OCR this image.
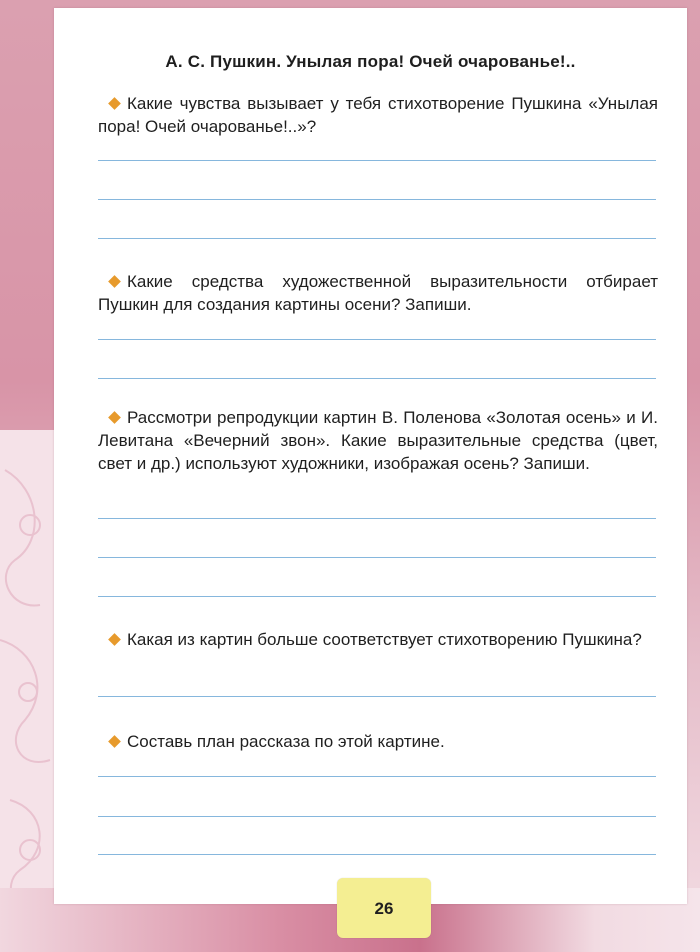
А. С. Пушкин. Унылая пора! Очей очарованье!..

Какие чувства вызывает у тебя стихотворение Пушкина «Унылая пора! Очей очарованье!..»?

Какие средства художественной выразительности отбирает Пушкин для создания картины осени? Запиши.

Рассмотри репродукции картин В. Поленова «Золотая осень» и И. Левитана «Вечерний звон». Какие выразительные средства (цвет, свет и др.) используют художники, изображая осень? Запиши.

Какая из картин больше соответствует стихотворению Пушкина?

Составь план рассказа по этой картине.

26
